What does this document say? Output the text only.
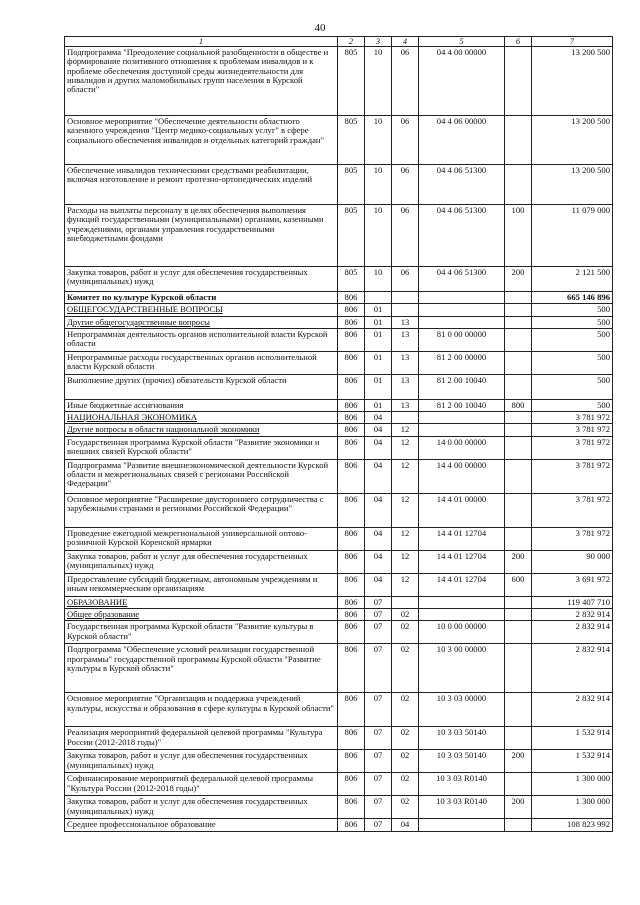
40
1	2	3	4	5	6	7
Подпрограмма "Преодоление социальной разобщенности в обществе и формирование позитивного отношения к проблемам инвалидов и к проблеме обеспечения доступной среды жизнедеятельности для инвалидов и других маломобильных групп населения в Курской области"	805	10	06	04 4 00 00000		13 200 500
Основное мероприятие "Обеспечение деятельности областного казенного учреждения "Центр медико-социальных услуг" в сфере социального обеспечения инвалидов и отдельных категорий граждан"	805	10	06	04 4 06 00000		13 200 500
Обеспечение инвалидов техническими средствами реабилитации, включая изготовление и ремонт протезно-ортопедических изделий	805	10	06	04 4 06 51300		13 200 500
Расходы на выплаты персоналу в целях обеспечения выполнения функций государственными (муниципальными) органами, казенными учреждениями, органами управления государственными внебюджетными фондами	805	10	06	04 4 06 51300	100	11 079 000
Закупка товаров, работ и услуг для обеспечения государственных (муниципальных) нужд	805	10	06	04 4 06 51300	200	2 121 500
Комитет по культуре Курской области	806					665 146 896
ОБЩЕГОСУДАРСТВЕННЫЕ ВОПРОСЫ	806	01				500
Другие общегосударственные вопросы	806	01	13			500
Непрограммная деятельность органов исполнительной власти Курской области	806	01	13	81 0 00 00000		500
Непрограммные расходы государственных органов исполнительной власти Курской области	806	01	13	81 2 00 00000		500
Выполнение других (прочих) обязательств Курской области	806	01	13	81 2 00 10040		500
Иные бюджетные ассигнования	806	01	13	81 2 00 10040	800	500
НАЦИОНАЛЬНАЯ ЭКОНОМИКА	806	04				3 781 972
Другие вопросы в области национальной экономики	806	04	12			3 781 972
Государственная программа Курской области "Развитие экономики и внешних связей Курской области"	806	04	12	14 0 00 00000		3 781 972
Подпрограмма "Развитие внешнеэкономической деятельности Курской области и межрегиональных связей с регионами Российской Федерации"	806	04	12	14 4 00 00000		3 781 972
Основное мероприятие "Расширение двустороннего сотрудничества с зарубежными странами и регионами Российской Федерации"	806	04	12	14 4 01 00000		3 781 972
Проведение ежегодной межрегиональной универсальной оптово-розничной Курской Коренской ярмарки	806	04	12	14 4 01 12704		3 781 972
Закупка товаров, работ и услуг для обеспечения государственных (муниципальных) нужд	806	04	12	14 4 01 12704	200	90 000
Предоставление субсидий бюджетным, автономным учреждениям и иным некоммерческим организациям	806	04	12	14 4 01 12704	600	3 691 972
ОБРАЗОВАНИЕ	806	07				119 407 710
Общее образование	806	07	02			2 832 914
Государственная программа Курской области "Развитие культуры в Курской области"	806	07	02	10 0 00 00000		2 832 914
Подпрограмма "Обеспечение условий реализации государственной программы" государственной программы Курской области "Развитие культуры в Курской области"	806	07	02	10 3 00 00000		2 832 914
Основное мероприятие "Организация и поддержка учреждений культуры, искусства и образования в сфере культуры в Курской области"	806	07	02	10 3 03 00000		2 832 914
Реализация мероприятий федеральной целевой программы "Культура России (2012-2018 годы)"	806	07	02	10 3 03 50140		1 532 914
Закупка товаров, работ и услуг для обеспечения государственных (муниципальных) нужд	806	07	02	10 3 03 50140	200	1 532 914
Софинансирование мероприятий федеральной целевой программы "Культура России (2012-2018 годы)"	806	07	02	10 3 03 R0140		1 300 000
Закупка товаров, работ и услуг для обеспечения государственных (муниципальных) нужд	806	07	02	10 3 03 R0140	200	1 300 000
Среднее профессиональное образование	806	07	04			108 823 992
